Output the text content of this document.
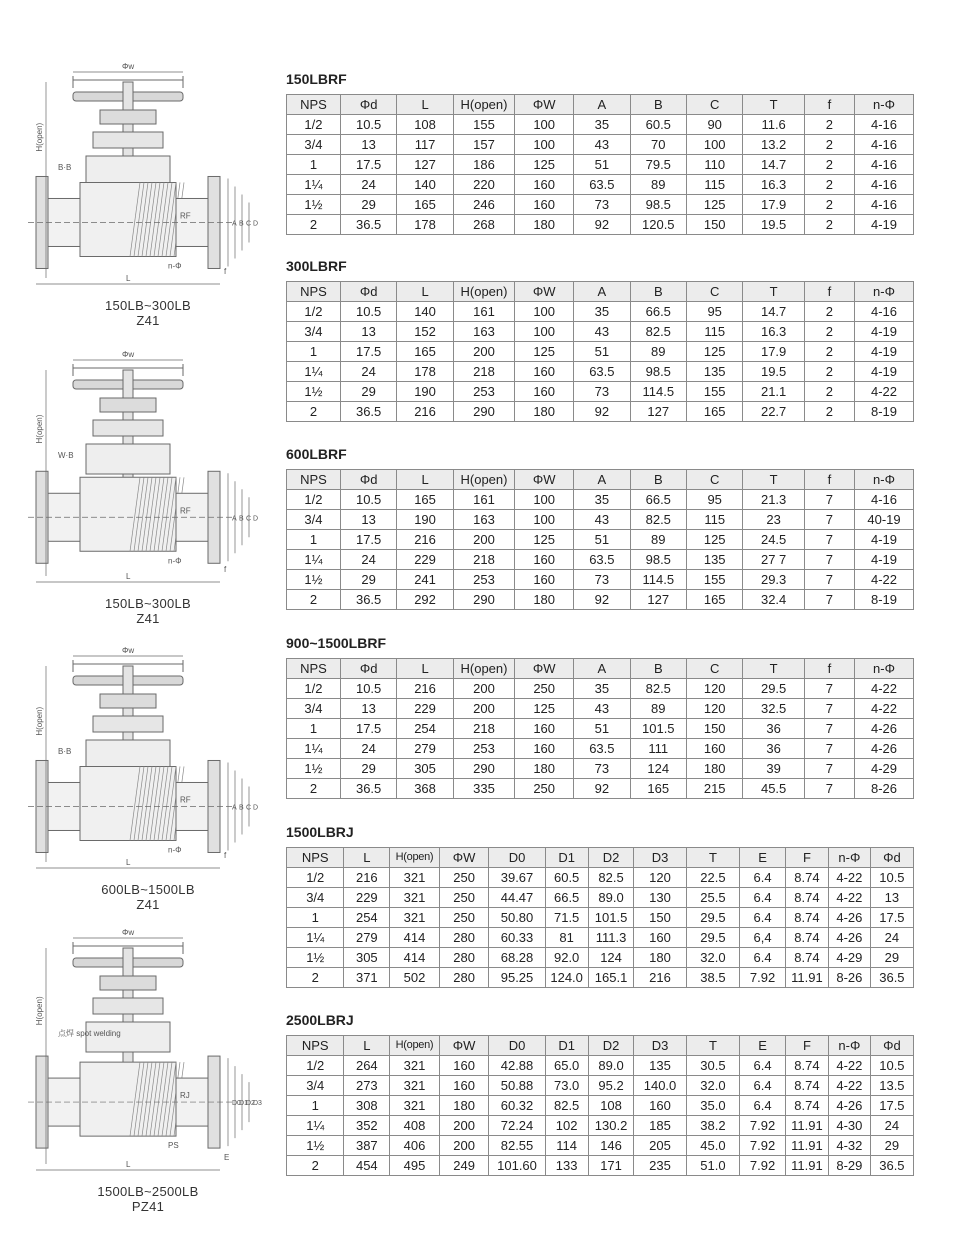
Φw
H(open)
B·B
RF
n-Φ
L
f
A B C D
150LB~300LB
Z41
Φw
H(open)
W·B
RF
n-Φ
L
f
A B C D
150LB~300LB
Z41
Φw
H(open)
B·B
RF
n-Φ
L
f
A B C D
600LB~1500LB
Z41
Φw
H(open)
点焊 spot welding
RJ
PS
L
E
D0
D1
D2
D3
1500LB~2500LB
PZ41
150LBRF
NPS	Φd	L	H(open)	ΦW	A	B	C	T	f	n-Φ
1/2	10.5	108	155	100	35	60.5	90	11.6	2	4-16
3/4	13	117	157	100	43	70	100	13.2	2	4-16
1	17.5	127	186	125	51	79.5	110	14.7	2	4-16
1¼	24	140	220	160	63.5	89	115	16.3	2	4-16
1½	29	165	246	160	73	98.5	125	17.9	2	4-16
2	36.5	178	268	180	92	120.5	150	19.5	2	4-19
300LBRF
NPS	Φd	L	H(open)	ΦW	A	B	C	T	f	n-Φ
1/2	10.5	140	161	100	35	66.5	95	14.7	2	4-16
3/4	13	152	163	100	43	82.5	115	16.3	2	4-19
1	17.5	165	200	125	51	89	125	17.9	2	4-19
1¼	24	178	218	160	63.5	98.5	135	19.5	2	4-19
1½	29	190	253	160	73	114.5	155	21.1	2	4-22
2	36.5	216	290	180	92	127	165	22.7	2	8-19
600LBRF
NPS	Φd	L	H(open)	ΦW	A	B	C	T	f	n-Φ
1/2	10.5	165	161	100	35	66.5	95	21.3	7	4-16
3/4	13	190	163	100	43	82.5	115	23	7	40-19
1	17.5	216	200	125	51	89	125	24.5	7	4-19
1¼	24	229	218	160	63.5	98.5	135	27 7	7	4-19
1½	29	241	253	160	73	114.5	155	29.3	7	4-22
2	36.5	292	290	180	92	127	165	32.4	7	8-19
900~1500LBRF
NPS	Φd	L	H(open)	ΦW	A	B	C	T	f	n-Φ
1/2	10.5	216	200	250	35	82.5	120	29.5	7	4-22
3/4	13	229	200	125	43	89	120	32.5	7	4-22
1	17.5	254	218	160	51	101.5	150	36	7	4-26
1¼	24	279	253	160	63.5	111	160	36	7	4-26
1½	29	305	290	180	73	124	180	39	7	4-29
2	36.5	368	335	250	92	165	215	45.5	7	8-26
1500LBRJ
NPS	L	H(open)	ΦW	D0	D1	D2	D3	T	E	F	n-Φ	Φd
1/2	216	321	250	39.67	60.5	82.5	120	22.5	6.4	8.74	4-22	10.5
3/4	229	321	250	44.47	66.5	89.0	130	25.5	6.4	8.74	4-22	13
1	254	321	250	50.80	71.5	101.5	150	29.5	6.4	8.74	4-26	17.5
1¼	279	414	280	60.33	81	111.3	160	29.5	6,4	8.74	4-26	24
1½	305	414	280	68.28	92.0	124	180	32.0	6.4	8.74	4-29	29
2	371	502	280	95.25	124.0	165.1	216	38.5	7.92	11.91	8-26	36.5
2500LBRJ
NPS	L	H(open)	ΦW	D0	D1	D2	D3	T	E	F	n-Φ	Φd
1/2	264	321	160	42.88	65.0	89.0	135	30.5	6.4	8.74	4-22	10.5
3/4	273	321	160	50.88	73.0	95.2	140.0	32.0	6.4	8.74	4-22	13.5
1	308	321	180	60.32	82.5	108	160	35.0	6.4	8.74	4-26	17.5
1¼	352	408	200	72.24	102	130.2	185	38.2	7.92	11.91	4-30	24
1½	387	406	200	82.55	114	146	205	45.0	7.92	11.91	4-32	29
2	454	495	249	101.60	133	171	235	51.0	7.92	11.91	8-29	36.5
